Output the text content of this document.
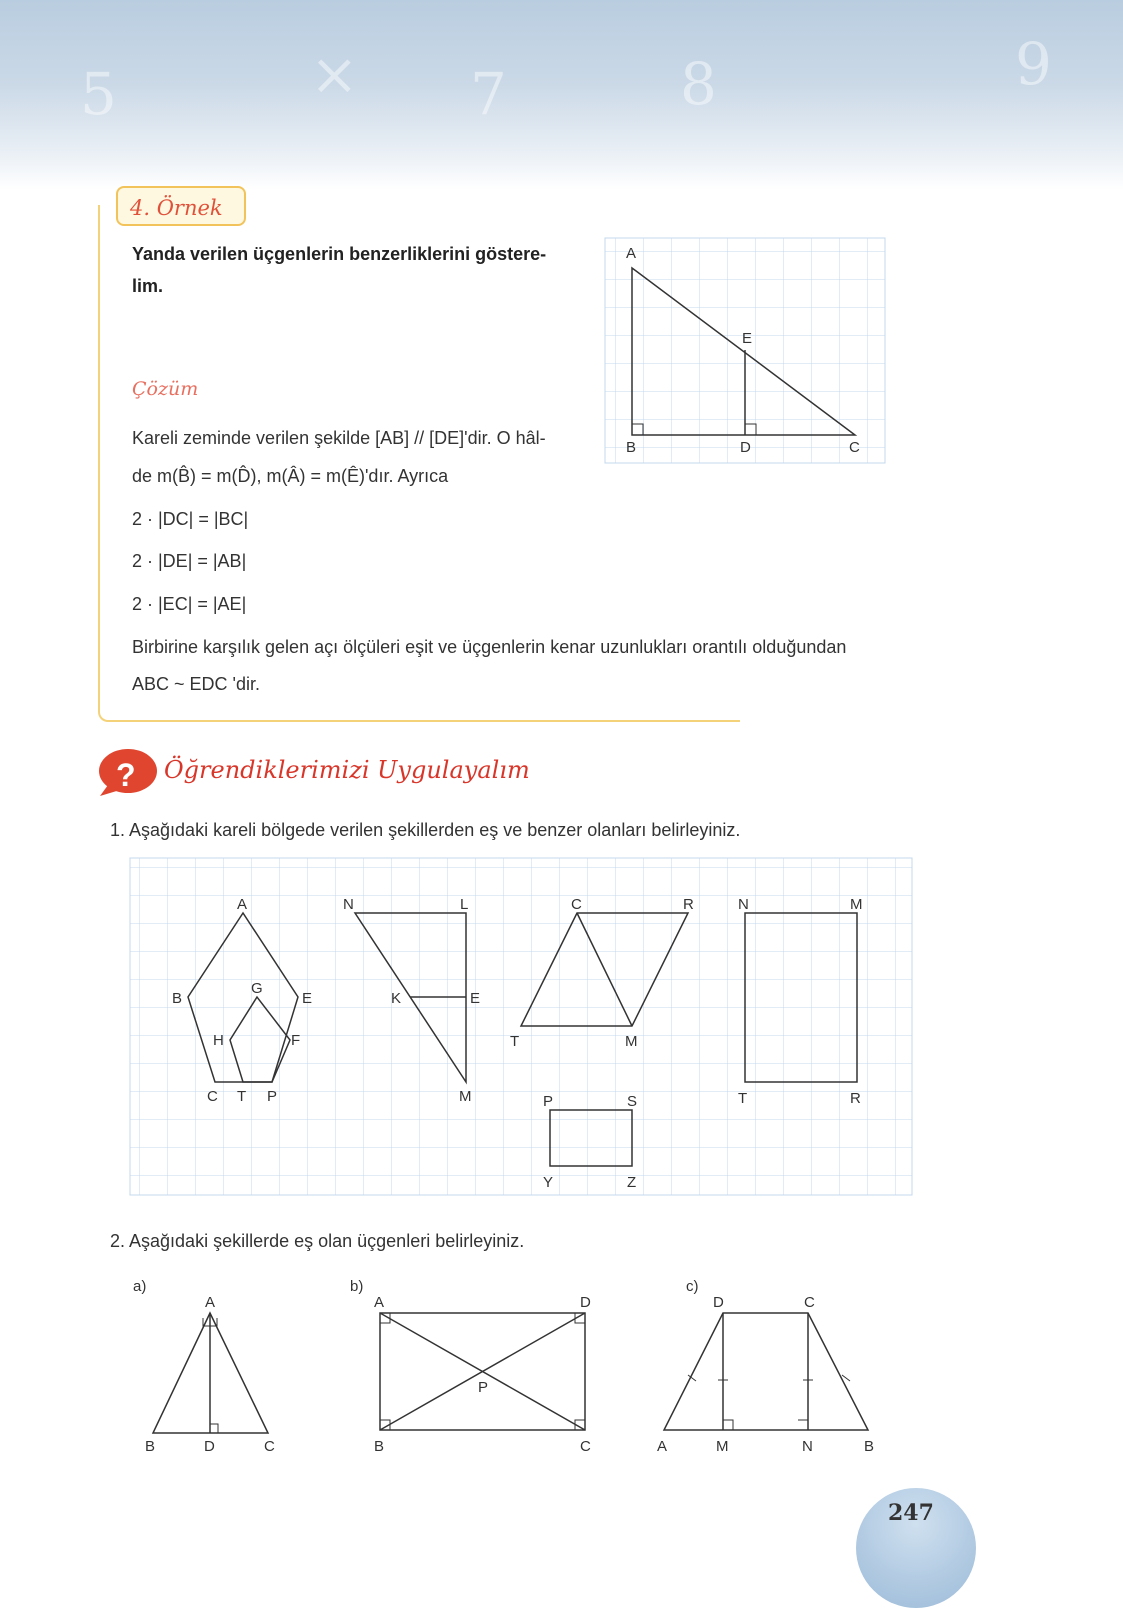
5	× 7	8	9
4. Örnek
Yanda verilen üçgenlerin benzerliklerini göstere-
lim.
Çözüm
Kareli zeminde verilen şekilde [AB] // [DE]'dir. O hâl-
de m(B̂) = m(D̂), m(Â) = m(Ê)'dır. Ayrıca
2 · |DC| = |BC|
2 · |DE| = |AB|
2 · |EC| = |AE|
Birbirine karşılık gelen açı ölçüleri eşit ve üçgenlerin kenar uzunlukları orantılı olduğundan
ABC ~ EDC 'dir.
A
B	C
D
E
?
A
B
C
E
G
H	F
T P
N	L
K	E
M
C	R
T	M
N	M
T	R
P	S
Y	Z
a)
A
B	C
D
b)
A	D
B	C
P
c)
D	C
A	M	N	B
Öğrendiklerimizi Uygulayalım
1. Aşağıdaki kareli bölgede verilen şekillerden eş ve benzer olanları belirleyiniz.
2. Aşağıdaki şekillerde eş olan üçgenleri belirleyiniz.
247
